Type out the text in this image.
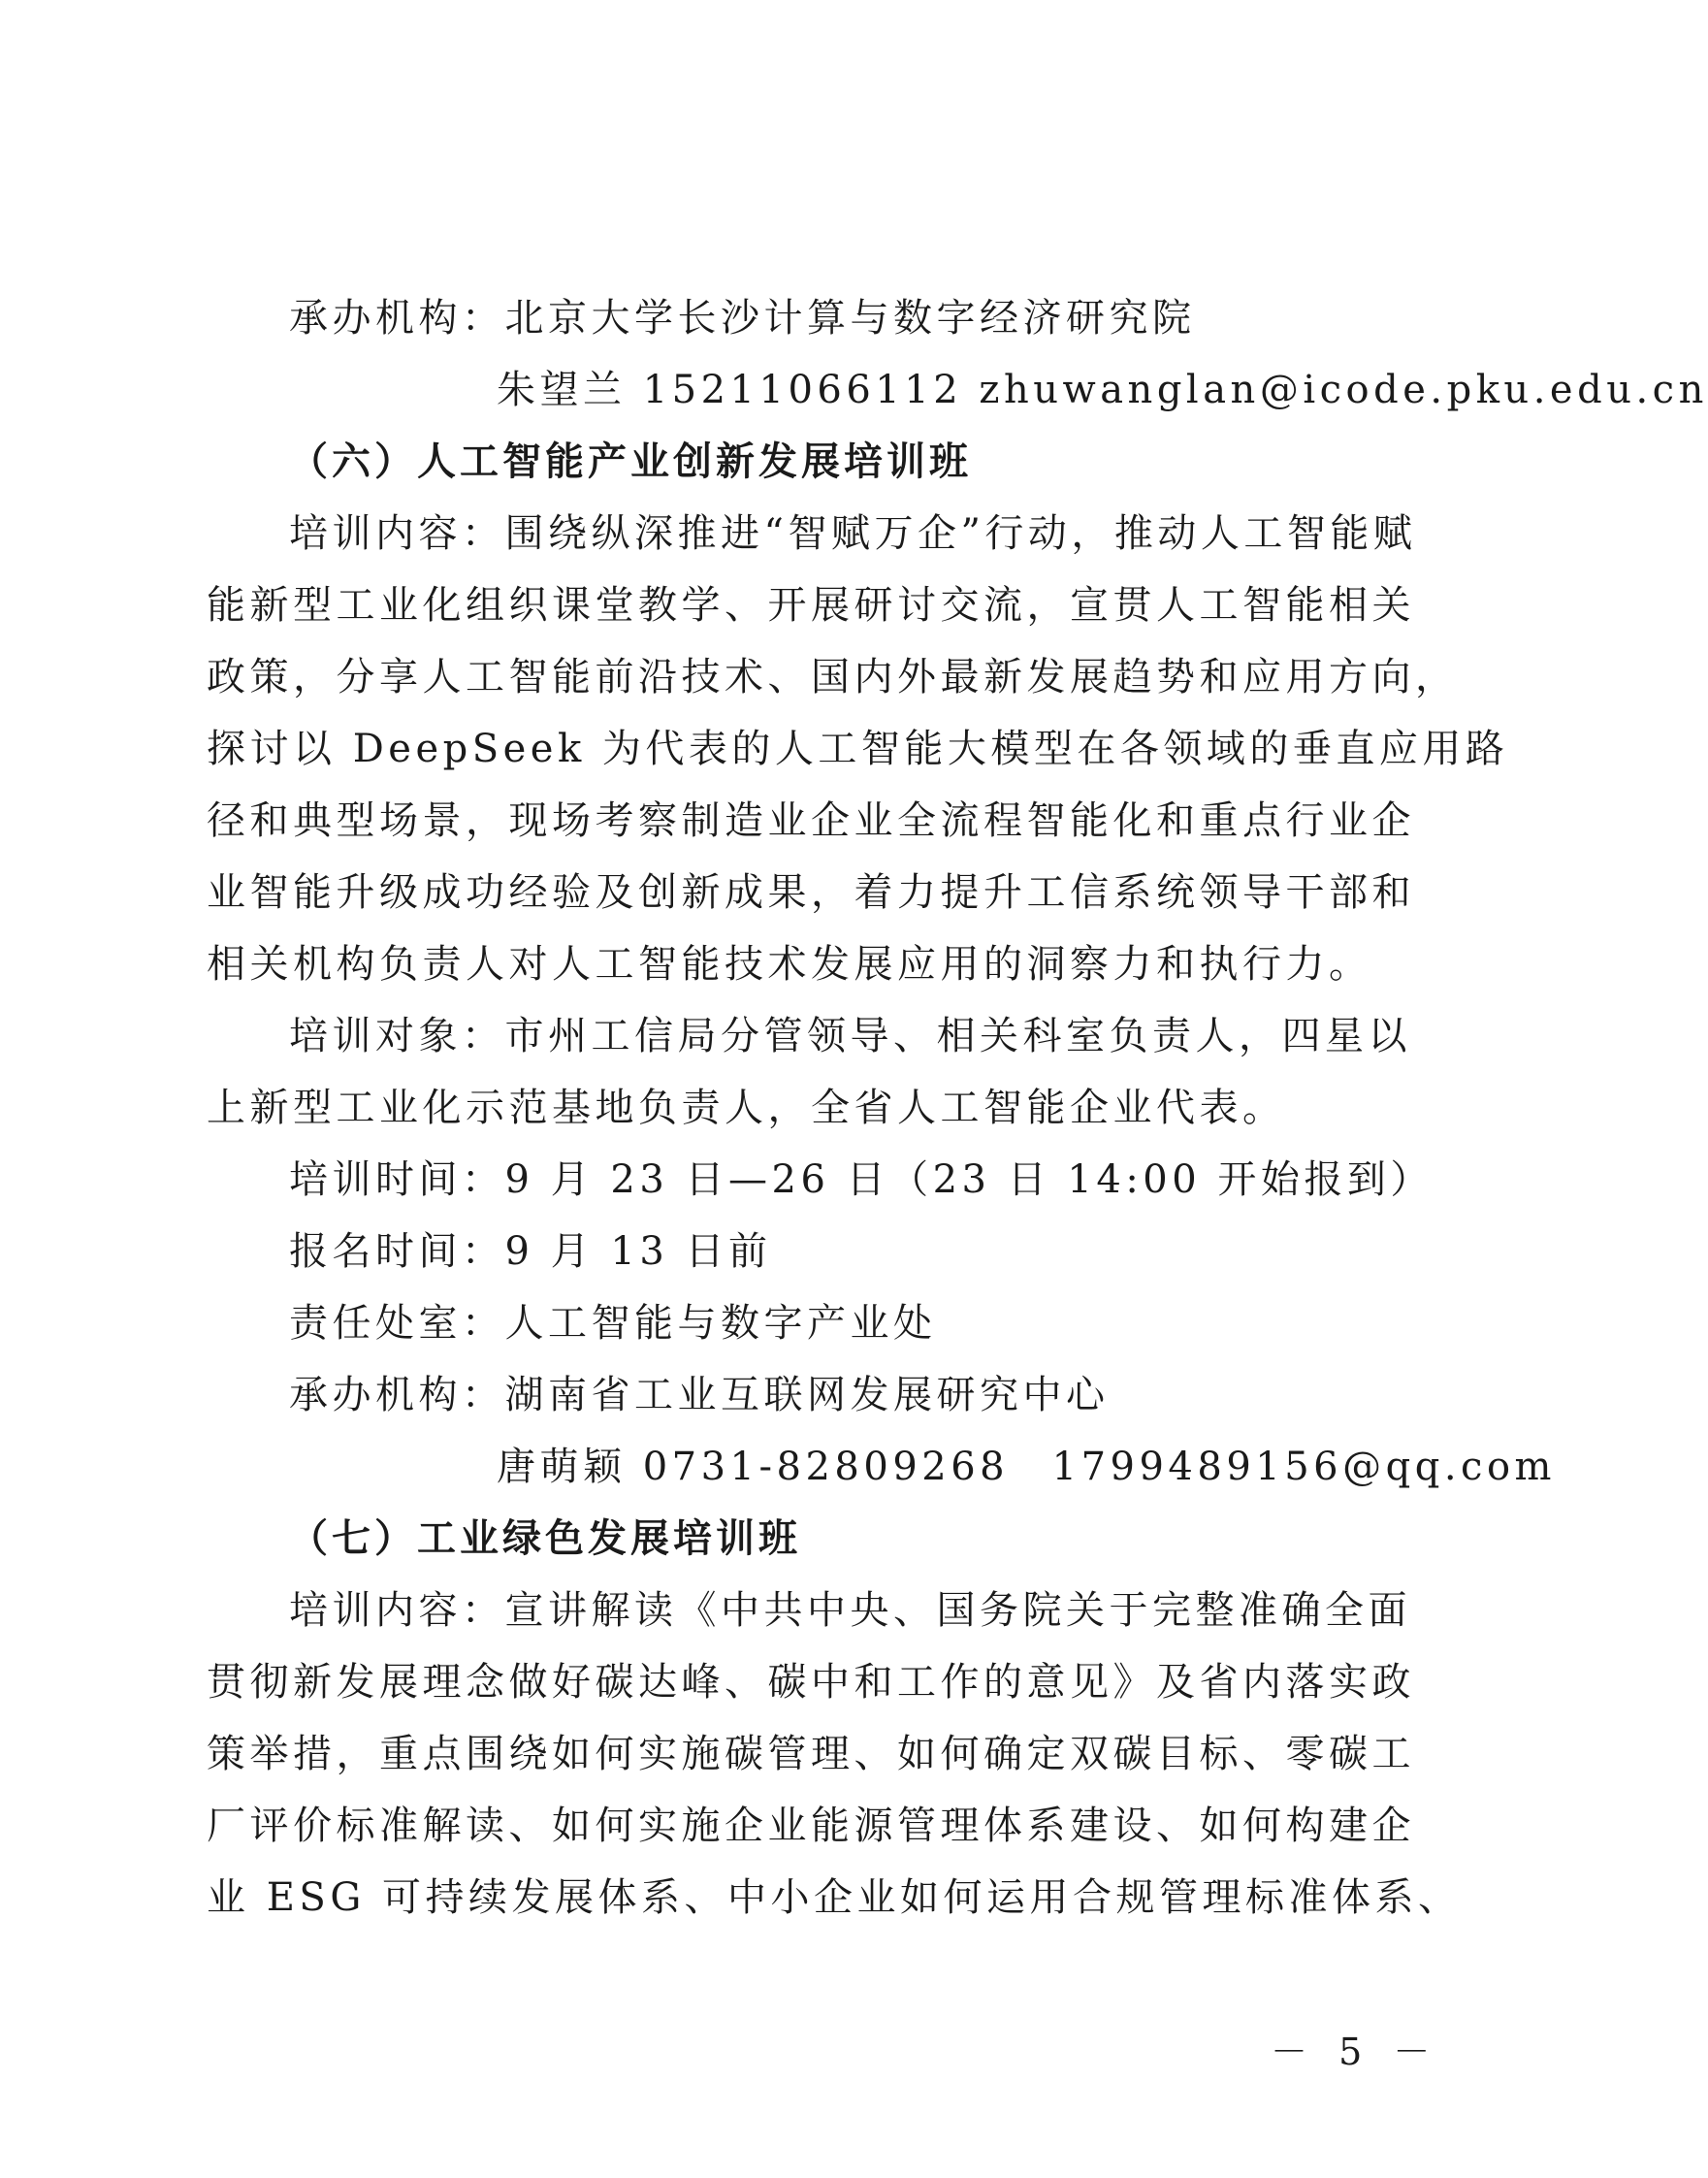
承办机构：北京大学长沙计算与数字经济研究院
朱望兰 15211066112 zhuwanglan@icode.pku.edu.cn
（六）人工智能产业创新发展培训班
培训内容：围绕纵深推进“智赋万企”行动，推动人工智能赋
能新型工业化组织课堂教学、开展研讨交流，宣贯人工智能相关
政策，分享人工智能前沿技术、国内外最新发展趋势和应用方向，
探讨以 DeepSeek 为代表的人工智能大模型在各领域的垂直应用路
径和典型场景，现场考察制造业企业全流程智能化和重点行业企
业智能升级成功经验及创新成果，着力提升工信系统领导干部和
相关机构负责人对人工智能技术发展应用的洞察力和执行力。
培训对象：市州工信局分管领导、相关科室负责人，四星以
上新型工业化示范基地负责人，全省人工智能企业代表。
培训时间：9 月 23 日—26 日（23 日 14:00 开始报到）
报名时间：9 月 13 日前
责任处室：人工智能与数字产业处
承办机构：湖南省工业互联网发展研究中心
唐萌颖 0731-82809268　1799489156@qq.com
（七）工业绿色发展培训班
培训内容：宣讲解读《中共中央、国务院关于完整准确全面
贯彻新发展理念做好碳达峰、碳中和工作的意见》及省内落实政
策举措，重点围绕如何实施碳管理、如何确定双碳目标、零碳工
厂评价标准解读、如何实施企业能源管理体系建设、如何构建企
业 ESG 可持续发展体系、中小企业如何运用合规管理标准体系、
－ 5 －
